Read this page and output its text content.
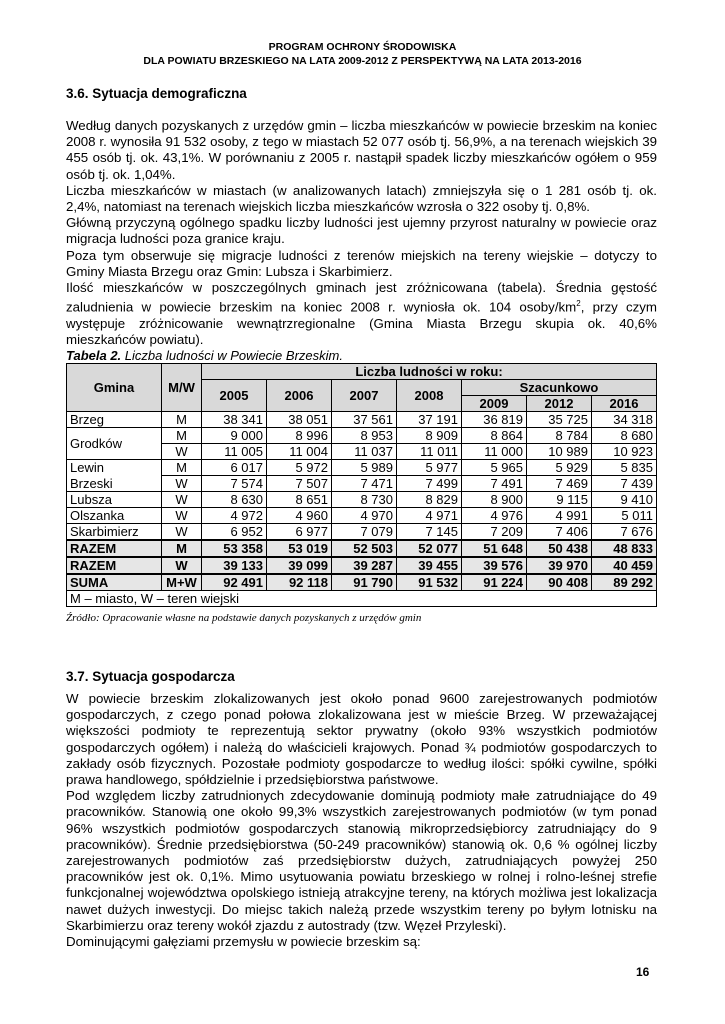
PROGRAM OCHRONY ŚRODOWISKA
DLA POWIATU BRZESKIEGO NA LATA 2009-2012 Z PERSPEKTYWĄ NA LATA 2013-2016
3.6. Sytuacja demograficzna
Według danych pozyskanych z urzędów gmin – liczba mieszkańców w powiecie brzeskim na koniec 2008 r. wynosiła 91 532 osoby, z tego w miastach 52 077 osób tj. 56,9%, a na terenach wiejskich 39 455 osób tj. ok. 43,1%. W porównaniu z 2005 r. nastąpił spadek liczby mieszkańców ogółem o 959 osób tj. ok. 1,04%.
Liczba mieszkańców w miastach (w analizowanych latach) zmniejszyła się o 1 281 osób tj. ok. 2,4%, natomiast na terenach wiejskich liczba mieszkańców wzrosła o 322 osoby tj. 0,8%.
Główną przyczyną ogólnego spadku liczby ludności jest ujemny przyrost naturalny w powiecie oraz migracja ludności poza granice kraju.
Poza tym obserwuje się migracje ludności z terenów miejskich na tereny wiejskie – dotyczy to Gminy Miasta Brzegu oraz Gmin: Lubsza i Skarbimierz.
Ilość mieszkańców w poszczególnych gminach jest zróżnicowana (tabela). Średnia gęstość zaludnienia w powiecie brzeskim na koniec 2008 r. wyniosła ok. 104 osoby/$km^2$, przy czym występuje zróżnicowanie wewnątrzregionalne (Gmina Miasta Brzegu skupia ok. 40,6% mieszkańców powiatu).
Tabela 2. Liczba ludności w Powiecie Brzeskim.
Gmina	M/W	Liczba ludności w roku:						
		2005	2006	2007	2008	Szacunkowo		
						2009	2012	2016
Brzeg	M	38 341	38 051	37 561	37 191	36 819	35 725	34 318
Grodków	M	9 000	8 996	8 953	8 909	8 864	8 784	8 680
	W	11 005	11 004	11 037	11 011	11 000	10 989	10 923
Lewin	M	6 017	5 972	5 989	5 977	5 965	5 929	5 835
Brzeski	W	7 574	7 507	7 471	7 499	7 491	7 469	7 439
Lubsza	W	8 630	8 651	8 730	8 829	8 900	9 115	9 410
Olszanka	W	4 972	4 960	4 970	4 971	4 976	4 991	5 011
Skarbimierz	W	6 952	6 977	7 079	7 145	7 209	7 406	7 676
RAZEM	M	53 358	53 019	52 503	52 077	51 648	50 438	48 833
RAZEM	W	39 133	39 099	39 287	39 455	39 576	39 970	40 459
SUMA	M+W	92 491	92 118	91 790	91 532	91 224	90 408	89 292
M – miasto, W – teren wiejski								
Źródło: Opracowanie własne na podstawie danych pozyskanych z urzędów gmin
3.7. Sytuacja gospodarcza
W powiecie brzeskim zlokalizowanych jest około ponad 9600 zarejestrowanych podmiotów gospodarczych, z czego ponad połowa zlokalizowana jest w mieście Brzeg. W przeważającej większości podmioty te reprezentują sektor prywatny (około 93% wszystkich podmiotów gospodarczych ogółem) i należą do właścicieli krajowych. Ponad ¾ podmiotów gospodarczych to zakłady osób fizycznych. Pozostałe podmioty gospodarcze to według ilości: spółki cywilne, spółki prawa handlowego, spółdzielnie i przedsiębiorstwa państwowe.
Pod względem liczby zatrudnionych zdecydowanie dominują podmioty małe zatrudniające do 49 pracowników. Stanowią one około 99,3% wszystkich zarejestrowanych podmiotów (w tym ponad 96% wszystkich podmiotów gospodarczych stanowią mikroprzedsiębiorcy zatrudniający do 9 pracowników). Średnie przedsiębiorstwa (50-249 pracowników) stanowią ok. 0,6 % ogólnej liczby zarejestrowanych podmiotów zaś przedsiębiorstw dużych, zatrudniających powyżej 250 pracowników jest ok. 0,1%. Mimo usytuowania powiatu brzeskiego w rolnej i rolno-leśnej strefie funkcjonalnej województwa opolskiego istnieją atrakcyjne tereny, na których możliwa jest lokalizacja nawet dużych inwestycji. Do miejsc takich należą przede wszystkim tereny po byłym lotnisku na Skarbimierzu oraz tereny wokół zjazdu z autostrady (tzw. Węzeł Przyleski).
Dominującymi gałęziami przemysłu w powiecie brzeskim są:
16
